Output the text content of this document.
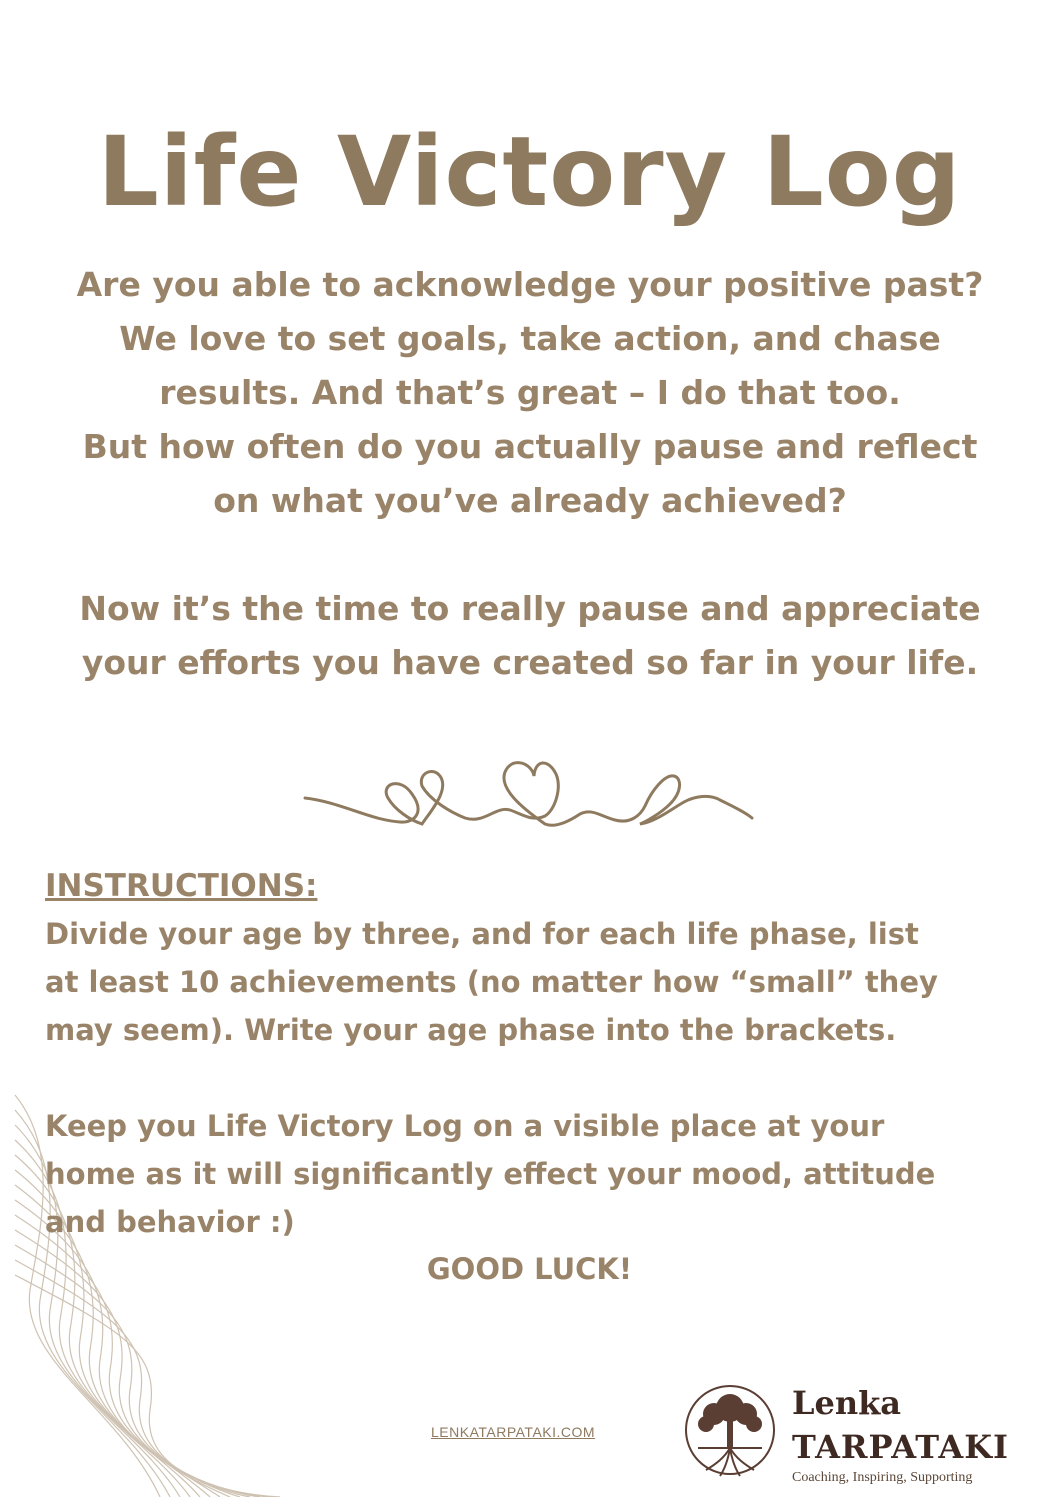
Life Victory Log

Are you able to acknowledge your positive past?

We love to set goals, take action, and chase

results. And that’s great – I do that too.

But how often do you actually pause and reflect

on what you’ve already achieved?

Now it’s the time to really pause and appreciate

your efforts you have created so far in your life.

INSTRUCTIONS:

Divide your age by three, and for each life phase, list

at least 10 achievements (no matter how “small” they

may seem). Write your age phase into the brackets.

Keep you Life Victory Log on a visible place at your

home as it will significantly effect your mood, attitude

and behavior :)

GOOD LUCK!
LENKATARPATAKI.COM
Lenka
TARPATAKI
Coaching, Inspiring, Supporting
